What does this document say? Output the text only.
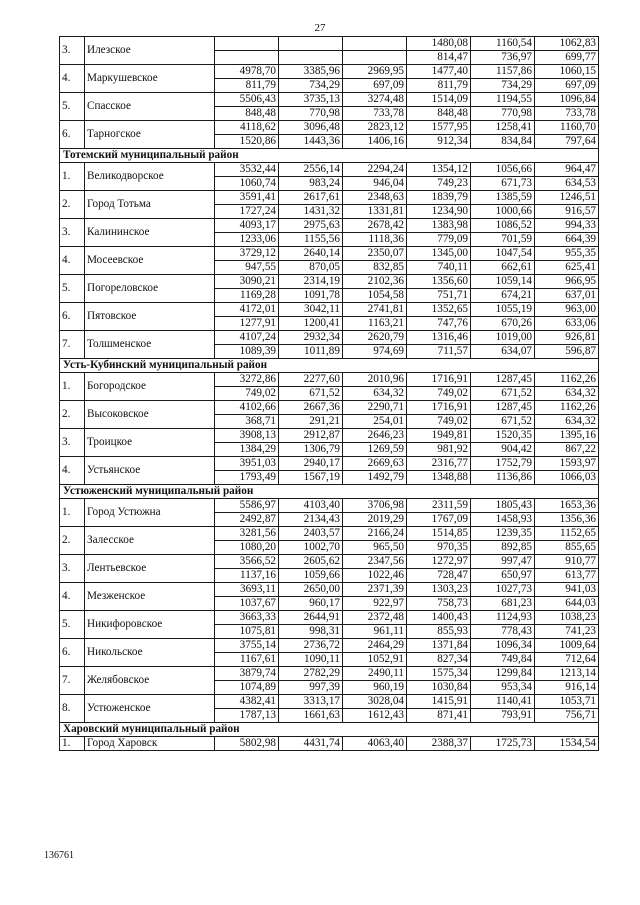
27
3.	Илезское				1480,08	1160,54	1062,83
					814,47	736,97	699,77
4.	Маркушевское	4978,70	3385,96	2969,95	1477,40	1157,86	1060,15
		811,79	734,29	697,09	811,79	734,29	697,09
5.	Спасское	5506,43	3735,13	3274,48	1514,09	1194,55	1096,84
		848,48	770,98	733,78	848,48	770,98	733,78
6.	Тарногское	4118,62	3096,48	2823,12	1577,95	1258,41	1160,70
		1520,86	1443,36	1406,16	912,34	834,84	797,64
Тотемский муниципальный район							
1.	Великодворское	3532,44	2556,14	2294,24	1354,12	1056,66	964,47
		1060,74	983,24	946,04	749,23	671,73	634,53
2.	Город Тотьма	3591,41	2617,61	2348,63	1839,79	1385,59	1246,51
		1727,24	1431,32	1331,81	1234,90	1000,66	916,57
3.	Калининское	4093,17	2975,63	2678,42	1383,98	1086,52	994,33
		1233,06	1155,56	1118,36	779,09	701,59	664,39
4.	Мосеевское	3729,12	2640,14	2350,07	1345,00	1047,54	955,35
		947,55	870,05	832,85	740,11	662,61	625,41
5.	Погореловское	3090,21	2314,19	2102,36	1356,60	1059,14	966,95
		1169,28	1091,78	1054,58	751,71	674,21	637,01
6.	Пятовское	4172,01	3042,11	2741,81	1352,65	1055,19	963,00
		1277,91	1200,41	1163,21	747,76	670,26	633,06
7.	Толшменское	4107,24	2932,34	2620,79	1316,46	1019,00	926,81
		1089,39	1011,89	974,69	711,57	634,07	596,87
Усть-Кубинский муниципальный район							
1.	Богородское	3272,86	2277,60	2010,96	1716,91	1287,45	1162,26
		749,02	671,52	634,32	749,02	671,52	634,32
2.	Высоковское	4102,66	2667,36	2290,71	1716,91	1287,45	1162,26
		368,71	291,21	254,01	749,02	671,52	634,32
3.	Троицкое	3908,13	2912,87	2646,23	1949,81	1520,35	1395,16
		1384,29	1306,79	1269,59	981,92	904,42	867,22
4.	Устьянское	3951,03	2940,17	2669,63	2316,77	1752,79	1593,97
		1793,49	1567,19	1492,79	1348,88	1136,86	1066,03
Устюженский муниципальный район							
1.	Город Устюжна	5586,97	4103,40	3706,98	2311,59	1805,43	1653,36
		2492,87	2134,43	2019,29	1767,09	1458,93	1356,36
2.	Залесское	3281,56	2403,57	2166,24	1514,85	1239,35	1152,65
		1080,20	1002,70	965,50	970,35	892,85	855,65
3.	Лентьевское	3566,52	2605,62	2347,56	1272,97	997,47	910,77
		1137,16	1059,66	1022,46	728,47	650,97	613,77
4.	Мезженское	3693,11	2650,00	2371,39	1303,23	1027,73	941,03
		1037,67	960,17	922,97	758,73	681,23	644,03
5.	Никифоровское	3663,33	2644,91	2372,48	1400,43	1124,93	1038,23
		1075,81	998,31	961,11	855,93	778,43	741,23
6.	Никольское	3755,14	2736,72	2464,29	1371,84	1096,34	1009,64
		1167,61	1090,11	1052,91	827,34	749,84	712,64
7.	Желябовское	3879,74	2782,29	2490,11	1575,34	1299,84	1213,14
		1074,89	997,39	960,19	1030,84	953,34	916,14
8.	Устюженское	4382,41	3313,17	3028,04	1415,91	1140,41	1053,71
		1787,13	1661,63	1612,43	871,41	793,91	756,71
Харовский муниципальный район							
1.	Город Харовск	5802,98	4431,74	4063,40	2388,37	1725,73	1534,54
136761
